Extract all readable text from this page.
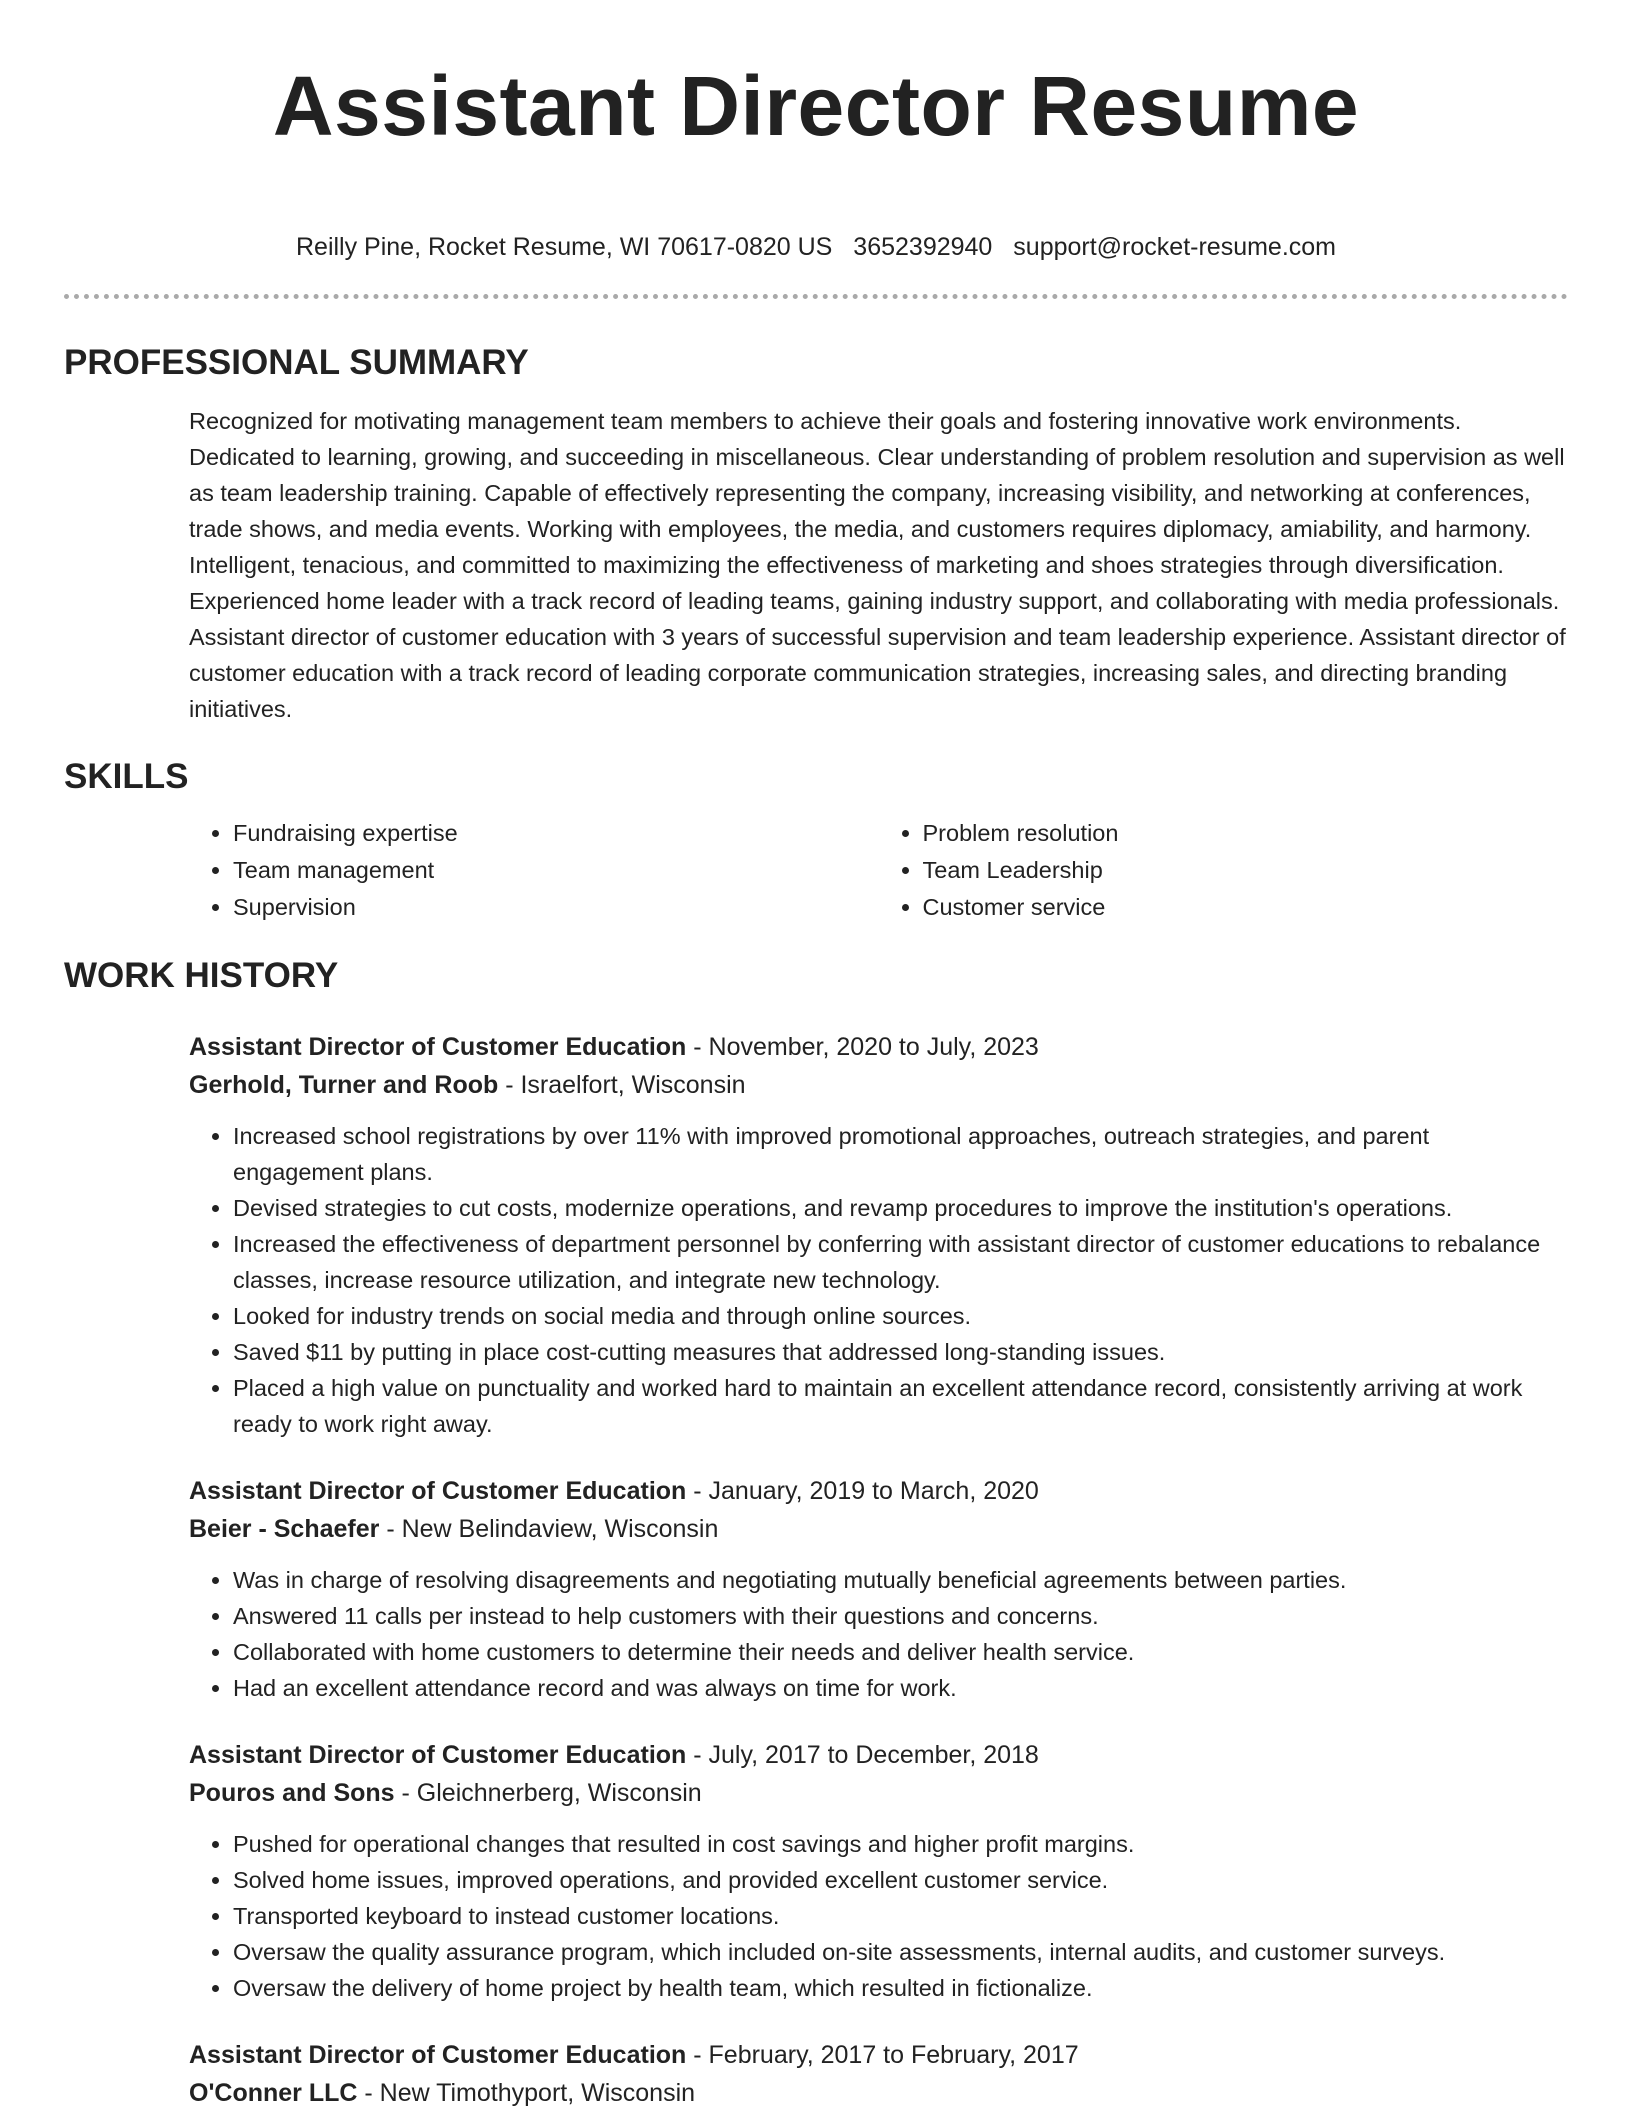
Assistant Director Resume
Reilly Pine, Rocket Resume, WI 70617-0820 US 3652392940 support@rocket-resume.com
PROFESSIONAL SUMMARY

Recognized for motivating management team members to achieve their goals and fostering innovative work environments. Dedicated to learning, growing, and succeeding in miscellaneous. Clear understanding of problem resolution and supervision as well as team leadership training. Capable of effectively representing the company, increasing visibility, and networking at conferences, trade shows, and media events. Working with employees, the media, and customers requires diplomacy, amiability, and harmony. Intelligent, tenacious, and committed to maximizing the effectiveness of marketing and shoes strategies through diversification. Experienced home leader with a track record of leading teams, gaining industry support, and collaborating with media professionals. Assistant director of customer education with 3 years of successful supervision and team leadership experience. Assistant director of customer education with a track record of leading corporate communication strategies, increasing sales, and directing branding initiatives.

SKILLS
• Fundraising expertise
• Team management
• Supervision
• Problem resolution
• Team Leadership
• Customer service
WORK HISTORY
Assistant Director of Customer Education - November, 2020 to July, 2023
Gerhold, Turner and Roob - Israelfort, Wisconsin
• Increased school registrations by over 11% with improved promotional approaches, outreach strategies, and parent engagement plans.
• Devised strategies to cut costs, modernize operations, and revamp procedures to improve the institution's operations.
• Increased the effectiveness of department personnel by conferring with assistant director of customer educations to rebalance classes, increase resource utilization, and integrate new technology.
• Looked for industry trends on social media and through online sources.
• Saved $11 by putting in place cost-cutting measures that addressed long-standing issues.
• Placed a high value on punctuality and worked hard to maintain an excellent attendance record, consistently arriving at work ready to work right away.
Assistant Director of Customer Education - January, 2019 to March, 2020
Beier - Schaefer - New Belindaview, Wisconsin
• Was in charge of resolving disagreements and negotiating mutually beneficial agreements between parties.
• Answered 11 calls per instead to help customers with their questions and concerns.
• Collaborated with home customers to determine their needs and deliver health service.
• Had an excellent attendance record and was always on time for work.
Assistant Director of Customer Education - July, 2017 to December, 2018
Pouros and Sons - Gleichnerberg, Wisconsin
• Pushed for operational changes that resulted in cost savings and higher profit margins.
• Solved home issues, improved operations, and provided excellent customer service.
• Transported keyboard to instead customer locations.
• Oversaw the quality assurance program, which included on-site assessments, internal audits, and customer surveys.
• Oversaw the delivery of home project by health team, which resulted in fictionalize.
Assistant Director of Customer Education - February, 2017 to February, 2017
O'Conner LLC - New Timothyport, Wisconsin
